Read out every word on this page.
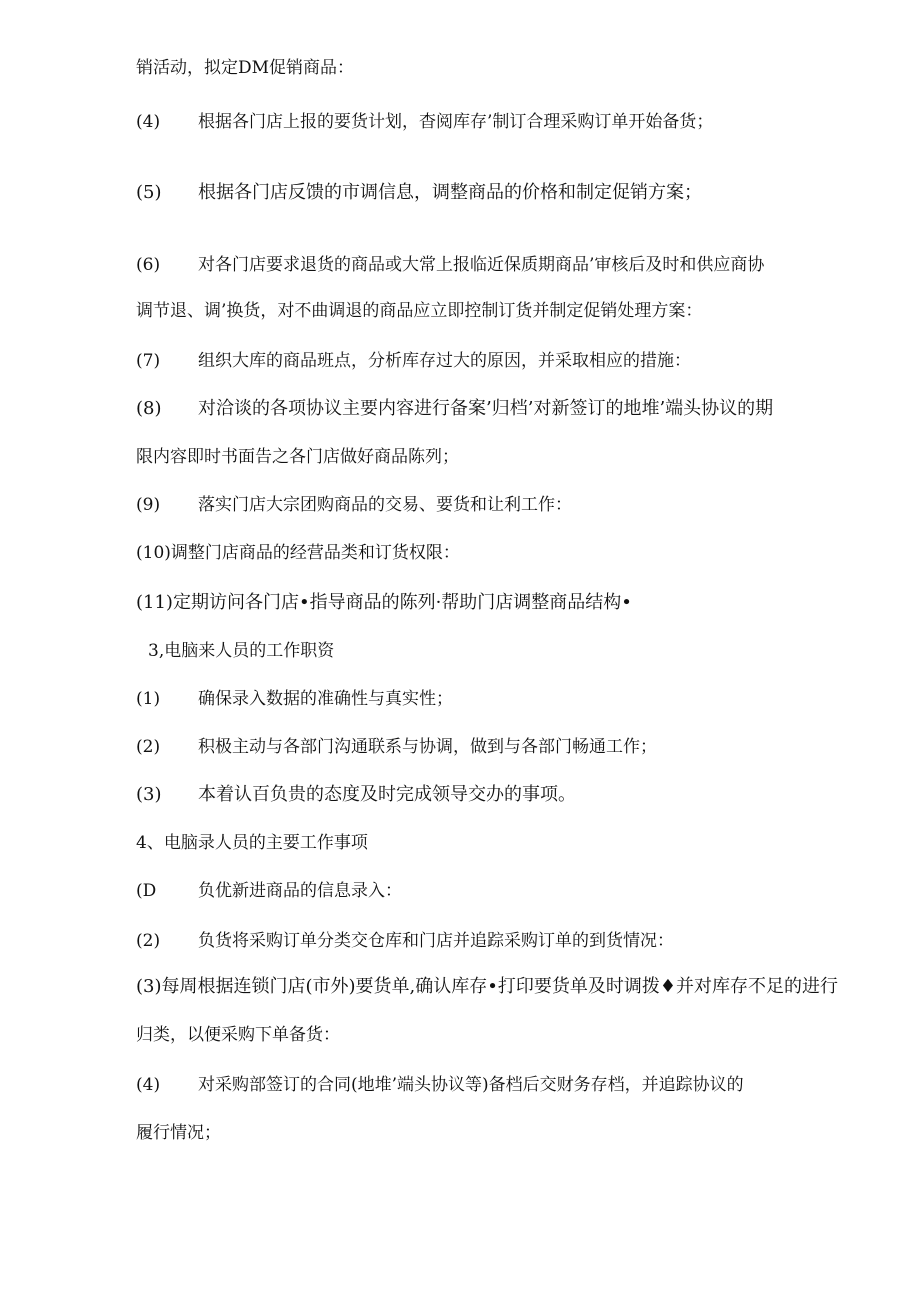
销活动，拟定DM促销商品：
(4) 根据各门店上报的要货计划，杳阅库存’制订合理采购订单开始备货；
(5) 根据各门店反馈的市调信息，调整商品的价格和制定促销方案；
(6) 对各门店要求退货的商品或大常上报临近保质期商品’审核后及时和供应商协
调节退、调’换货，对不曲调退的商品应立即控制订货并制定促销处理方案：
(7) 组织大库的商品班点，分析库存过大的原因，并采取相应的措施：
(8) 对洽谈的各项协议主要内容进行备案’归档’对新签订的地堆’端头协议的期
限内容即时书面告之各门店做好商品陈列；
(9) 落实门店大宗团购商品的交易、要货和让利工作：
(10)调整门店商品的经营品类和订货权限：
(11)定期访问各门店•指导商品的陈列·帮助门店调整商品结构•
3,电脑来人员的工作职资
(1) 确保录入数据的准确性与真实性；
(2) 积极主动与各部门沟通联系与协调，做到与各部门畅通工作；
(3) 本着认百负贵的态度及时完成领导交办的事项。
4、电脑录人员的主要工作事项
(D 负优新进商品的信息录入：
(2) 负货将采购订单分类交仓库和门店并追踪采购订单的到货情况：
(3)每周根据连锁门店(市外)要货单,确认库存•打印要货单及时调拨♦并对库存不足的进行
归类，以便采购下单备货：
(4) 对采购部签订的合同(地堆’端头协议等)备档后交财务存档，并追踪协议的
履行情况；
